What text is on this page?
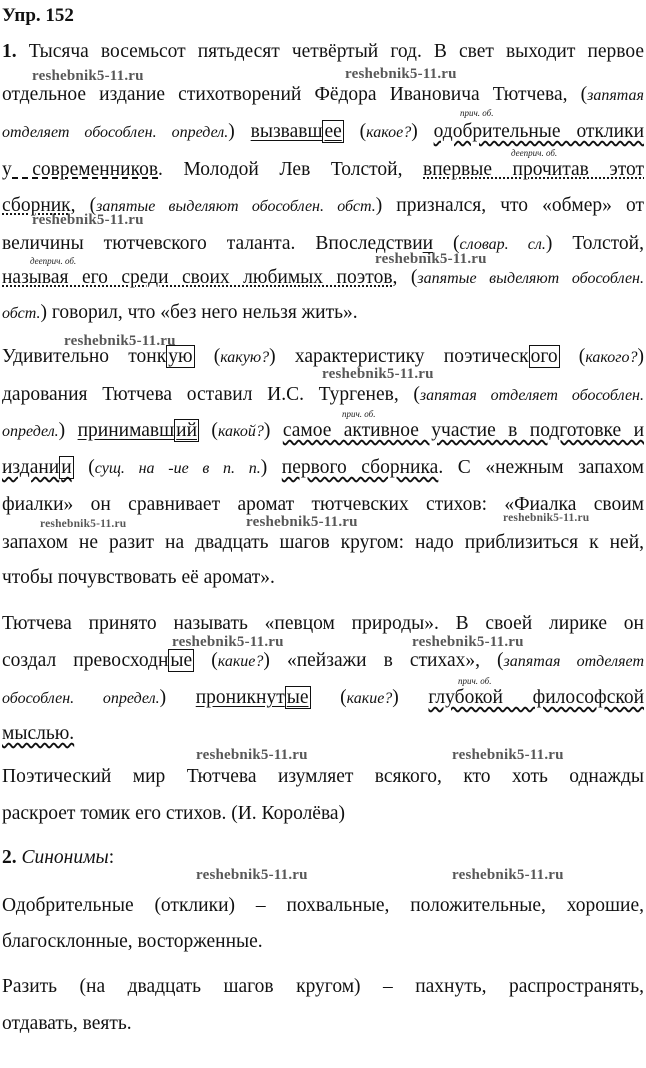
Упр. 152
reshebnik5-11.ru	reshebnik5-11.ru
reshebnik5-11.ru
reshebnik5-11.ru
reshebnik5-11.ru
reshebnik5-11.ru
reshebnik5-11.ru	reshebnik5-11.ru	reshebnik5-11.ru
reshebnik5-11.ru	reshebnik5-11.ru
reshebnik5-11.ru	reshebnik5-11.ru
reshebnik5-11.ru	reshebnik5-11.ru
прич. об.
дееприч. об.
дееприч. об.
прич. об.
прич. об.
1. Тысяча восемьсот пятьдесят четвёртый год. В свет выходит первое
отдельное издание стихотворений Фёдора Ивановича Тютчева, (запятая
отделяет обособлен. определ.) вызвавш ее (какое?) одобрительные отклики
у современников. Молодой Лев Толстой, впервые прочитав этот
сборник, (запятые выделяют обособлен. обст.) признался, что «обмер» от
величины тютчевского таланта. Впоследствии (словар. сл.) Толстой,
называя его среди своих любимых поэтов, (запятые выделяют обособлен.
обст.) говорил, что «без него нельзя жить».
Удивительно тонк ую (какую?) характеристику поэтическ ого (какого?)
дарования Тютчева оставил И.С. Тургенев, (запятая отделяет обособлен.
определ.) принимавш ий (какой?) самое активное участие в подготовке и
издани и (сущ. на -ие в п. п.) первого сборника. С «нежным запахом
фиалки» он сравнивает аромат тютчевских стихов: «Фиалка своим
запахом не разит на двадцать шагов кругом: надо приблизиться к ней,
чтобы почувствовать её аромат».
Тютчева принято называть «певцом природы». В своей лирике он
создал превосходн ые (какие?) «пейзажи в стихах», (запятая отделяет
обособлен. определ.) проникнут ые (какие?) глубокой философской
мыслью.
Поэтический мир Тютчева изумляет всякого, кто хоть однажды
раскроет томик его стихов. (И. Королёва)
2. Синонимы:
Одобрительные (отклики) – похвальные, положительные, хорошие,
благосклонные, восторженные.
Разить (на двадцать шагов кругом) – пахнуть, распространять,
отдавать, веять.
